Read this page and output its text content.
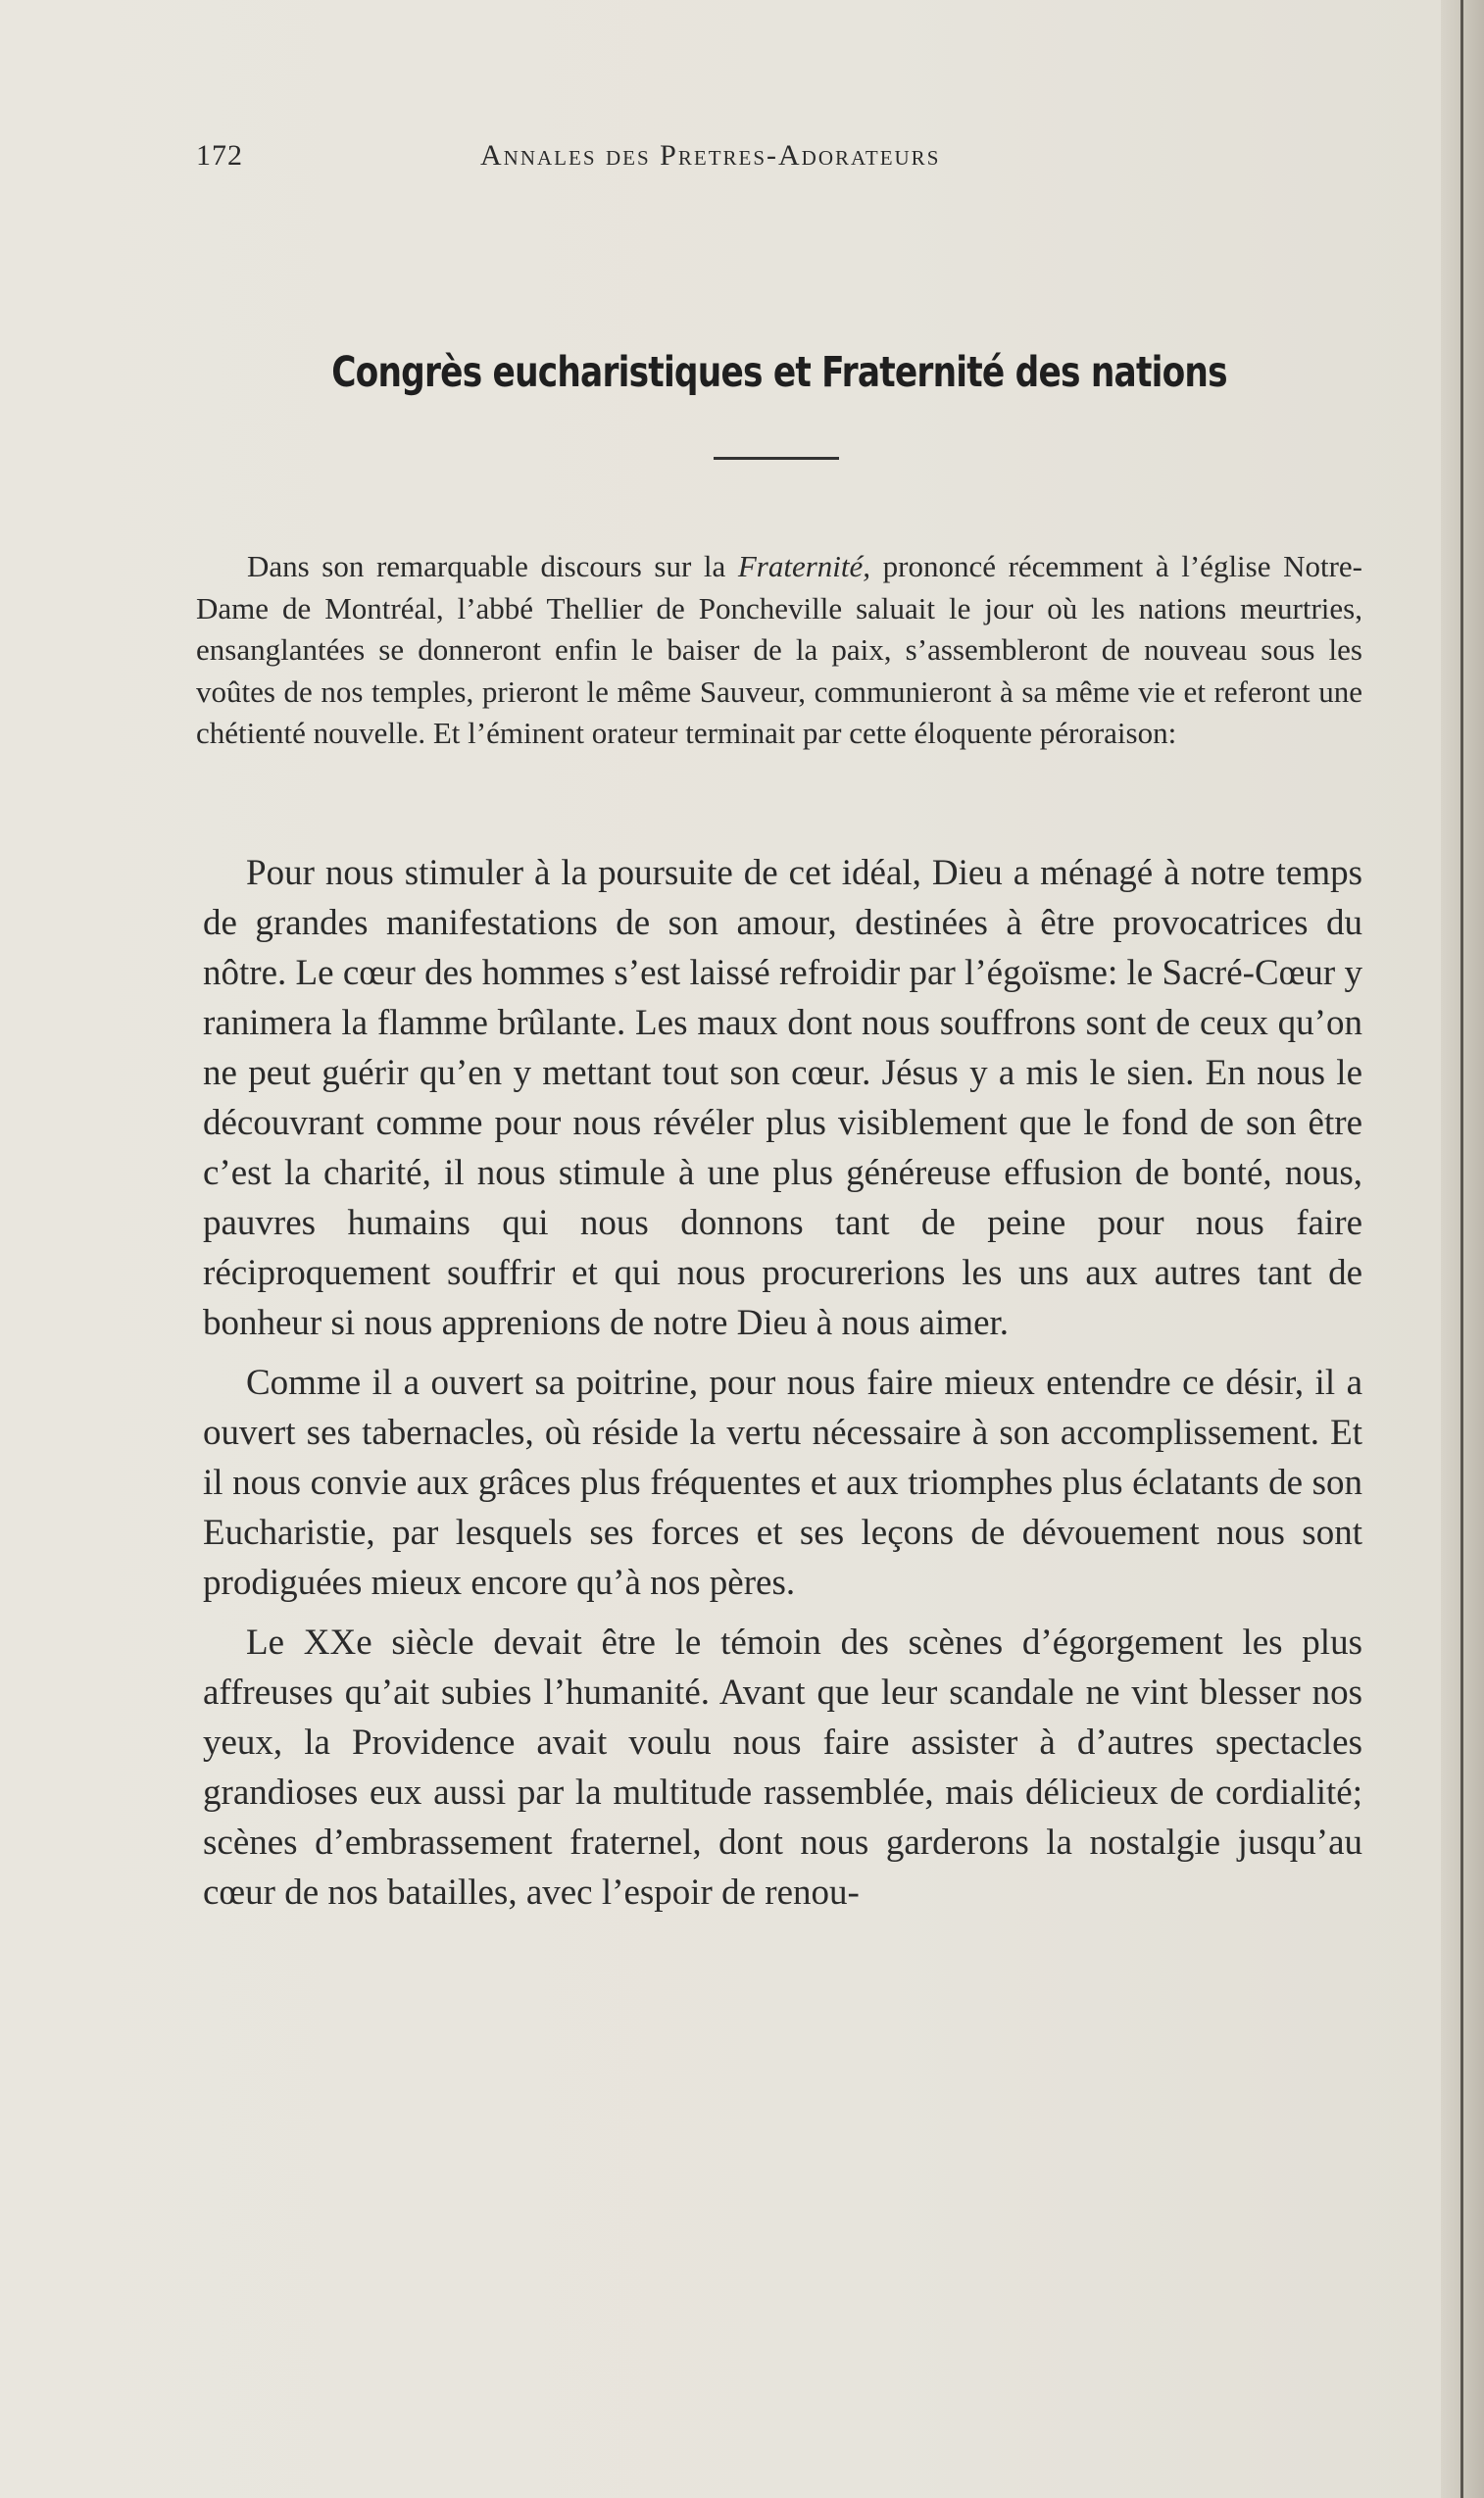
172	Annales des Pretres-Adorateurs
Congrès eucharistiques et Fraternité des nations

Dans son remarquable discours sur la Fraternité, prononcé récemment à l’église Notre-Dame de Montréal, l’abbé Thellier de Poncheville saluait le jour où les nations meurtries, ensanglantées se donneront enfin le baiser de la paix, s’assembleront de nouveau sous les voûtes de nos temples, prieront le même Sauveur, communieront à sa même vie et referont une chétienté nouvelle. Et l’éminent orateur terminait par cette éloquente péroraison:

Pour nous stimuler à la poursuite de cet idéal, Dieu a ménagé à notre temps de grandes manifestations de son amour, destinées à être provocatrices du nôtre. Le cœur des hommes s’est laissé refroidir par l’égoïsme: le Sacré-Cœur y ranimera la flamme brûlante. Les maux dont nous souffrons sont de ceux qu’on ne peut guérir qu’en y mettant tout son cœur. Jésus y a mis le sien. En nous le découvrant comme pour nous révéler plus visiblement que le fond de son être c’est la charité, il nous stimule à une plus généreuse effusion de bonté, nous, pauvres humains qui nous donnons tant de peine pour nous faire réciproquement souffrir et qui nous procurerions les uns aux autres tant de bonheur si nous apprenions de notre Dieu à nous aimer.

Comme il a ouvert sa poitrine, pour nous faire mieux entendre ce désir, il a ouvert ses tabernacles, où réside la vertu nécessaire à son accomplissement. Et il nous convie aux grâces plus fréquentes et aux triomphes plus éclatants de son Eucharistie, par lesquels ses forces et ses leçons de dévouement nous sont prodiguées mieux encore qu’à nos pères.

Le XXe siècle devait être le témoin des scènes d’égorgement les plus affreuses qu’ait subies l’humanité. Avant que leur scandale ne vint blesser nos yeux, la Providence avait voulu nous faire assister à d’autres spectacles grandioses eux aussi par la multitude rassemblée, mais délicieux de cordialité; scènes d’embrassement fraternel, dont nous garderons la nostalgie jusqu’au cœur de nos batailles, avec l’espoir de renou-
